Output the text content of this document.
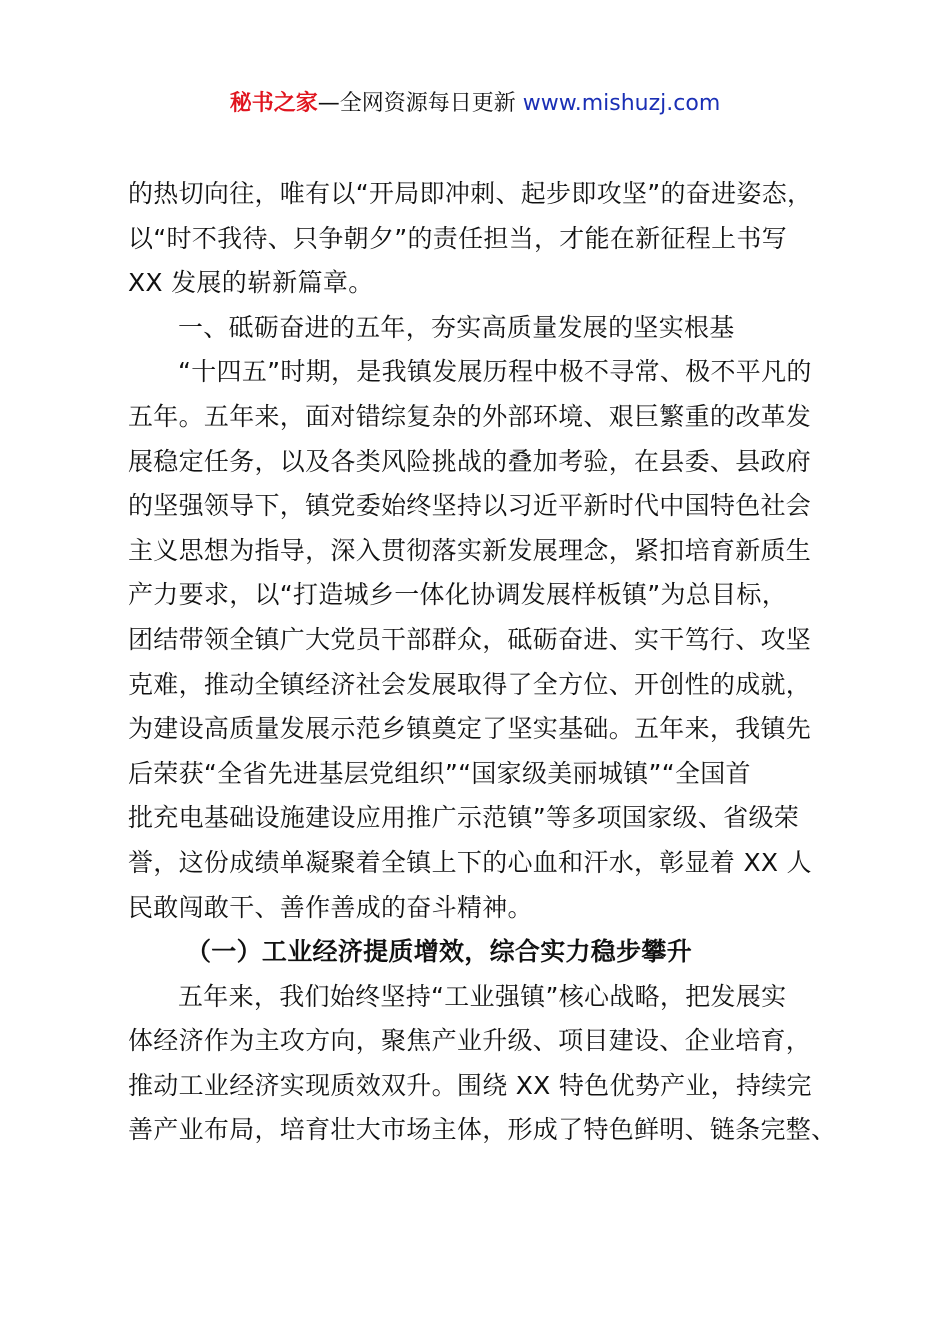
秘书之家—全网资源每日更新 www.mishuzj.com
的热切向往，唯有以“开局即冲刺、起步即攻坚”的奋进姿态，
以“时不我待、只争朝夕”的责任担当，才能在新征程上书写
XX 发展的崭新篇章。
一、砥砺奋进的五年，夯实高质量发展的坚实根基
“十四五”时期，是我镇发展历程中极不寻常、极不平凡的
五年。五年来，面对错综复杂的外部环境、艰巨繁重的改革发
展稳定任务，以及各类风险挑战的叠加考验，在县委、县政府
的坚强领导下，镇党委始终坚持以习近平新时代中国特色社会
主义思想为指导，深入贯彻落实新发展理念，紧扣培育新质生
产力要求，以“打造城乡一体化协调发展样板镇”为总目标，
团结带领全镇广大党员干部群众，砥砺奋进、实干笃行、攻坚
克难，推动全镇经济社会发展取得了全方位、开创性的成就，
为建设高质量发展示范乡镇奠定了坚实基础。五年来，我镇先
后荣获“全省先进基层党组织”“国家级美丽城镇”“全国首
批充电基础设施建设应用推广示范镇”等多项国家级、省级荣
誉，这份成绩单凝聚着全镇上下的心血和汗水，彰显着 XX 人
民敢闯敢干、善作善成的奋斗精神。
（一）工业经济提质增效，综合实力稳步攀升
五年来，我们始终坚持“工业强镇”核心战略，把发展实
体经济作为主攻方向，聚焦产业升级、项目建设、企业培育，
推动工业经济实现质效双升。围绕 XX 特色优势产业，持续完
善产业布局，培育壮大市场主体，形成了特色鲜明、链条完整、
